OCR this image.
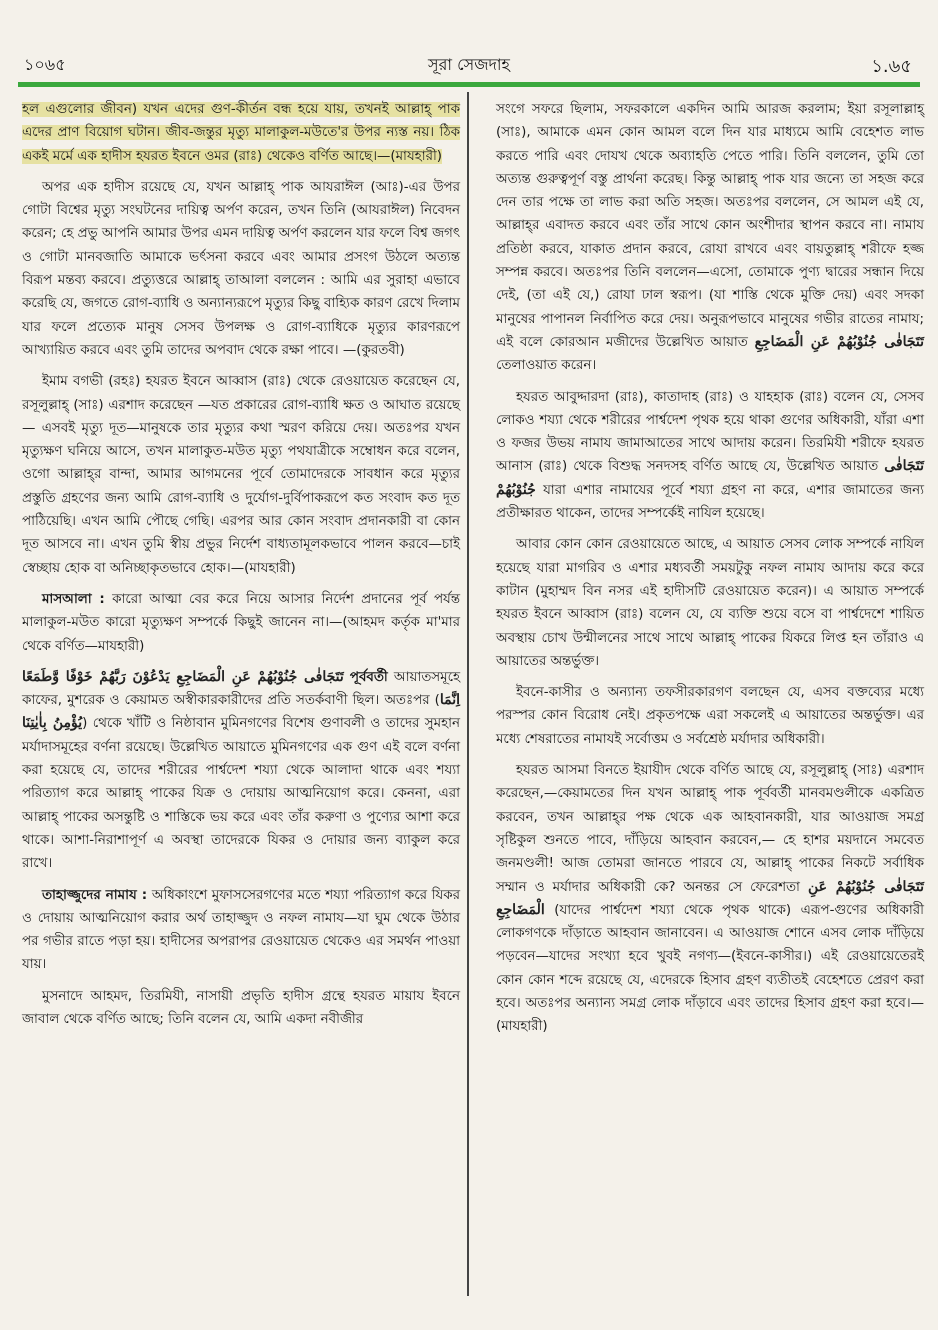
১০৬৫	সূরা সেজদাহ	১.৬৫

হল এগুলোর জীবন) যখন এদের গুণ-কীর্তন বন্ধ হয়ে যায়, তখনই আল্লাহ্ পাক এদের প্রাণ বিয়োগ ঘটান। জীব-জন্তুর মৃত্যু মালাকুল-মউতে'র উপর ন্যস্ত নয়। ঠিক একই মর্মে এক হাদীস হযরত ইবনে ওমর (রাঃ) থেকেও বর্ণিত আছে।—(মাযহারী)

অপর এক হাদীস রয়েছে যে, যখন আল্লাহ্ পাক আযরাঈল (আঃ)-এর উপর গোটা বিশ্বের মৃত্যু সংঘটনের দায়িত্ব অর্পণ করেন, তখন তিনি (আযরাঈল) নিবেদন করেন; হে প্রভু আপনি আমার উপর এমন দায়িত্ব অর্পণ করলেন যার ফলে বিশ্ব জগৎ ও গোটা মানবজাতি আমাকে ভর্ৎসনা করবে এবং আমার প্রসংগ উঠলে অত্যন্ত বিরূপ মন্তব্য করবে। প্রত্যুত্তরে আল্লাহ্ তাআলা বললেন : আমি এর সুরাহা এভাবে করেছি যে, জগতে রোগ-ব্যাধি ও অন্যান্যরূপে মৃত্যুর কিছু বাহ্যিক কারণ রেখে দিলাম যার ফলে প্রত্যেক মানুষ সেসব উপলক্ষ ও রোগ-ব্যাধিকে মৃত্যুর কারণরূপে আখ্যায়িত করবে এবং তুমি তাদের অপবাদ থেকে রক্ষা পাবে। —(কুরতবী)

ইমাম বগভী (রহঃ) হযরত ইবনে আব্বাস (রাঃ) থেকে রেওয়ায়েত করেছেন যে, রসূলুল্লাহ্ (সাঃ) এরশাদ করেছেন —যত প্রকারের রোগ-ব্যাধি ক্ষত ও আঘাত রয়েছে— এসবই মৃত্যু দূত—মানুষকে তার মৃত্যুর কথা স্মরণ করিয়ে দেয়। অতঃপর যখন মৃত্যুক্ষণ ঘনিয়ে আসে, তখন মালাকুত-মউত মৃত্যু পথযাত্রীকে সম্বোধন করে বলেন, ওগো আল্লাহ্‌র বান্দা, আমার আগমনের পূর্বে তোমাদেরকে সাবধান করে মৃত্যুর প্রস্তুতি গ্রহণের জন্য আমি রোগ-ব্যাধি ও দুর্যোগ-দুর্বিপাকরূপে কত সংবাদ কত দূত পাঠিয়েছি। এখন আমি পৌছে গেছি। এরপর আর কোন সংবাদ প্রদানকারী বা কোন দূত আসবে না। এখন তুমি স্বীয় প্রভুর নির্দেশ বাধ্যতামূলকভাবে পালন করবে—চাই স্বেচ্ছায় হোক বা অনিচ্ছাকৃতভাবে হোক।—(মাযহারী)

মাসআলা : কারো আত্মা বের করে নিয়ে আসার নির্দেশ প্রদানের পূর্ব পর্যন্ত মালাকুল-মউত কারো মৃত্যুক্ষণ সম্পর্কে কিছুই জানেন না।—(আহমদ কর্তৃক মা'মার থেকে বর্ণিত—মাযহারী)

تَتَجَافٰى جُنُوْبُهُمْ عَنِ الْمَضَاجِعِ يَدْعُوْنَ رَبَّهُمْ خَوْفًا وَّطَمَعًا পূর্ববর্তী আয়াতসমূহে কাফের, মুশরেক ও কেয়ামত অস্বীকারকারীদের প্রতি সতর্কবাণী ছিল। অতঃপর (اِنَّمَا يُؤْمِنُ بِاٰيٰتِنَا) থেকে খাঁটি ও নিষ্ঠাবান মুমিনগণের বিশেষ গুণাবলী ও তাদের সুমহান মর্যাদাসমূহের বর্ণনা রয়েছে। উল্লেখিত আয়াতে মুমিনগণের এক গুণ এই বলে বর্ণনা করা হয়েছে যে, তাদের শরীরের পার্শ্বদেশ শয্যা থেকে আলাদা থাকে এবং শয্যা পরিত্যাগ করে আল্লাহ্ পাকের যিক্র ও দোয়ায় আত্মনিয়োগ করে। কেননা, এরা আল্লাহ্ পাকের অসন্তুষ্টি ও শাস্তিকে ভয় করে এবং তাঁর করুণা ও পুণ্যের আশা করে থাকে। আশা-নিরাশাপূর্ণ এ অবস্থা তাদেরকে যিকর ও দোয়ার জন্য ব্যাকুল করে রাখে।

তাহাজ্জুদের নামায : অধিকাংশে মুফাসসেরগণের মতে শয্যা পরিত্যাগ করে যিকর ও দোয়ায় আত্মনিয়োগ করার অর্থ তাহাজ্জুদ ও নফল নামায—যা ঘুম থেকে উঠার পর গভীর রাতে পড়া হয়। হাদীসের অপরাপর রেওয়ায়েত থেকেও এর সমর্থন পাওয়া যায়।

মুসনাদে আহমদ, তিরমিযী, নাসায়ী প্রভৃতি হাদীস গ্রন্থে হযরত মায়ায ইবনে জাবাল থেকে বর্ণিত আছে; তিনি বলেন যে, আমি একদা নবীজীর

সংগে সফরে ছিলাম, সফরকালে একদিন আমি আরজ করলাম; ইয়া রসূলাল্লাহ্ (সাঃ), আমাকে এমন কোন আমল বলে দিন যার মাধ্যমে আমি বেহেশত লাভ করতে পারি এবং দোযখ থেকে অব্যাহতি পেতে পারি। তিনি বললেন, তুমি তো অত্যন্ত গুরুত্বপূর্ণ বস্তু প্রার্থনা করেছ। কিন্তু আল্লাহ্ পাক যার জন্যে তা সহজ করে দেন তার পক্ষে তা লাভ করা অতি সহজ। অতঃপর বললেন, সে আমল এই যে, আল্লাহ্‌র এবাদত করবে এবং তাঁর সাথে কোন অংশীদার স্থাপন করবে না। নামায প্রতিষ্ঠা করবে, যাকাত প্রদান করবে, রোযা রাখবে এবং বায়তুল্লাহ্ শরীফে হজ্জ সম্পন্ন করবে। অতঃপর তিনি বললেন—এসো, তোমাকে পুণ্য দ্বারের সন্ধান দিয়ে দেই, (তা এই যে,) রোযা ঢাল স্বরূপ। (যা শাস্তি থেকে মুক্তি দেয়) এবং সদকা মানুষের পাপানল নির্বাপিত করে দেয়। অনুরূপভাবে মানুষের গভীর রাতের নামায; এই বলে কোরআন মজীদের উল্লেখিত আয়াত تَتَجَافٰى جُنُوْبُهُمْ عَنِ الْمَضَاجِعِ তেলাওয়াত করেন।

হযরত আবুদ্দারদা (রাঃ), কাতাদাহ (রাঃ) ও যাহহাক (রাঃ) বলেন যে, সেসব লোকও শয্যা থেকে শরীরের পার্শ্বদেশ পৃথক হয়ে থাকা গুণের অধিকারী, যাঁরা এশা ও ফজর উভয় নামায জামাআতের সাথে আদায় করেন। তিরমিযী শরীফে হযরত আনাস (রাঃ) থেকে বিশুদ্ধ সনদসহ বর্ণিত আছে যে, উল্লেখিত আয়াত تَتَجَافٰى جُنُوْبُهُمْ যারা এশার নামাযের পূর্বে শয্যা গ্রহণ না করে, এশার জামাতের জন্য প্রতীক্ষারত থাকেন, তাদের সম্পর্কেই নাযিল হয়েছে।

আবার কোন কোন রেওয়ায়েতে আছে, এ আয়াত সেসব লোক সম্পর্কে নাযিল হয়েছে যারা মাগরিব ও এশার মধ্যবর্তী সময়টুকু নফল নামায আদায় করে করে কাটান (মুহাম্মদ বিন নসর এই হাদীসটি রেওয়ায়েত করেন)। এ আয়াত সম্পর্কে হযরত ইবনে আব্বাস (রাঃ) বলেন যে, যে ব্যক্তি শুয়ে বসে বা পার্শ্বদেশে শায়িত অবস্থায় চোখ উন্মীলনের সাথে সাথে আল্লাহ্ পাকের যিকরে লিপ্ত হন তাঁরাও এ আয়াতের অন্তর্ভুক্ত।

ইবনে-কাসীর ও অন্যান্য তফসীরকারগণ বলছেন যে, এসব বক্তব্যের মধ্যে পরস্পর কোন বিরোধ নেই। প্রকৃতপক্ষে এরা সকলেই এ আয়াতের অন্তর্ভুক্ত। এর মধ্যে শেষরাতের নামাযই সর্বোত্তম ও সর্বশ্রেষ্ঠ মর্যাদার অধিকারী।

হযরত আসমা বিনতে ইয়াযীদ থেকে বর্ণিত আছে যে, রসূলুল্লাহ্ (সাঃ) এরশাদ করেছেন,—কেয়ামতের দিন যখন আল্লাহ্ পাক পূর্ববর্তী মানবমণ্ডলীকে একত্রিত করবেন, তখন আল্লাহ্‌র পক্ষ থেকে এক আহবানকারী, যার আওয়াজ সমগ্র সৃষ্টিকুল শুনতে পাবে, দাঁড়িয়ে আহবান করবেন,— হে হাশর ময়দানে সমবেত জনমণ্ডলী! আজ তোমরা জানতে পারবে যে, আল্লাহ্ পাকের নিকটে সর্বাধিক সম্মান ও মর্যাদার অধিকারী কে? অনন্তর সে ফেরেশতা تَتَجَافٰى جُنُوْبُهُمْ عَنِ الْمَضَاجِعِ (যাদের পার্শ্বদেশ শয্যা থেকে পৃথক থাকে) এরূপ-গুণের অধিকারী লোকগণকে দাঁড়াতে আহবান জানাবেন। এ আওয়াজ শোনে এসব লোক দাঁড়িয়ে পড়বেন—যাদের সংখ্যা হবে খুবই নগণ্য—(ইবনে-কাসীর।) এই রেওয়ায়েতেরই কোন কোন শব্দে রয়েছে যে, এদেরকে হিসাব গ্রহণ ব্যতীতই বেহেশতে প্রেরণ করা হবে। অতঃপর অন্যান্য সমগ্র লোক দাঁড়াবে এবং তাদের হিসাব গ্রহণ করা হবে।—(মাযহারী)
